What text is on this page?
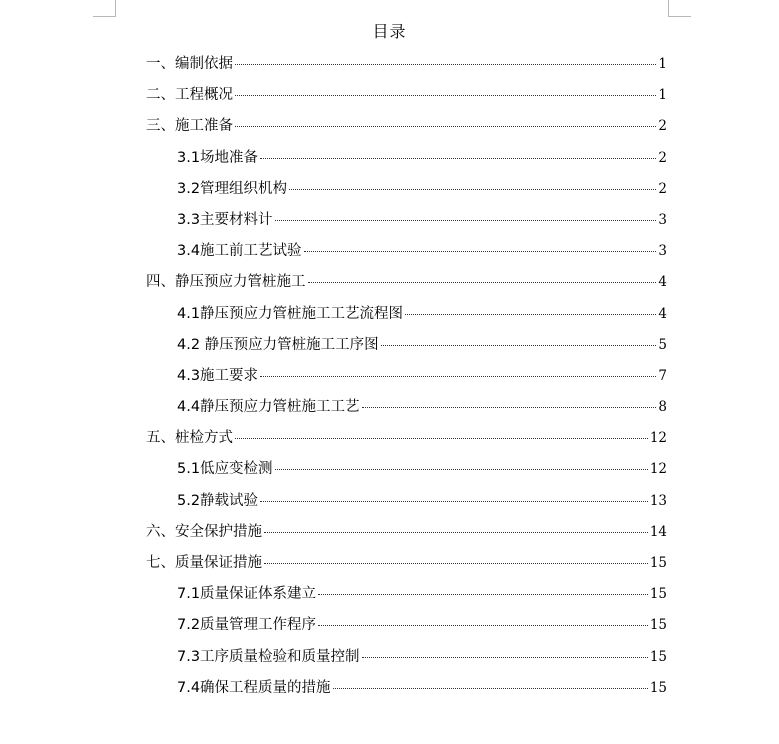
目录
一、编制依据	1
二、工程概况	1
三、施工准备	2
3.1场地准备	2
3.2管理组织机构	2
3.3主要材料计	3
3.4施工前工艺试验	3
四、静压预应力管桩施工	4
4.1静压预应力管桩施工工艺流程图	4
4.2 静压预应力管桩施工工序图	5
4.3施工要求	7
4.4静压预应力管桩施工工艺	8
五、桩检方式	12
5.1低应变检测	12
5.2静载试验	13
六、安全保护措施	14
七、质量保证措施	15
7.1质量保证体系建立	15
7.2质量管理工作程序	15
7.3工序质量检验和质量控制	15
7.4确保工程质量的措施	15
